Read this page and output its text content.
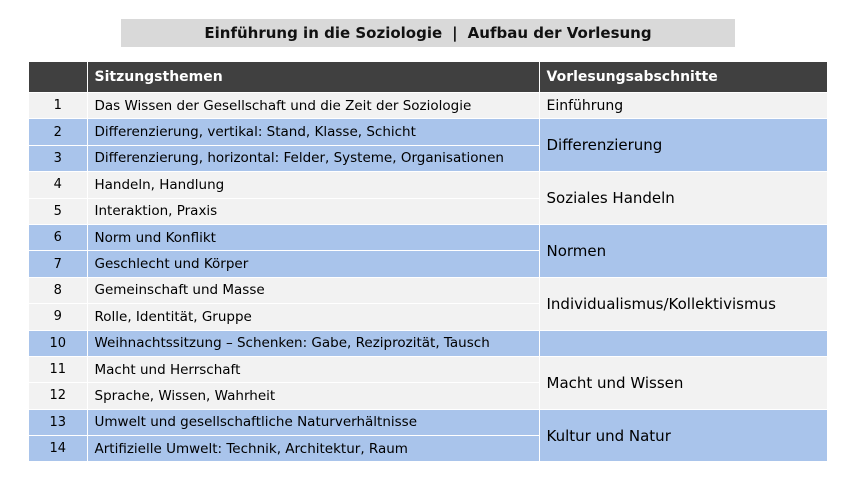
Einführung in die Soziologie | Aufbau der Vorlesung
	Sitzungsthemen	Vorlesungsabschnitte
1	Das Wissen der Gesellschaft und die Zeit der Soziologie	Einführung
2	Differenzierung, vertikal: Stand, Klasse, Schicht	Differenzierung
3	Differenzierung, horizontal: Felder, Systeme, Organisationen	
4	Handeln, Handlung	Soziales Handeln
5	Interaktion, Praxis	
6	Norm und Konflikt	Normen
7	Geschlecht und Körper	
8	Gemeinschaft und Masse	Individualismus/Kollektivismus
9	Rolle, Identität, Gruppe	
10	Weihnachtssitzung – Schenken: Gabe, Reziprozität, Tausch	
11	Macht und Herrschaft	Macht und Wissen
12	Sprache, Wissen, Wahrheit	
13	Umwelt und gesellschaftliche Naturverhältnisse	Kultur und Natur
14	Artifizielle Umwelt: Technik, Architektur, Raum	
